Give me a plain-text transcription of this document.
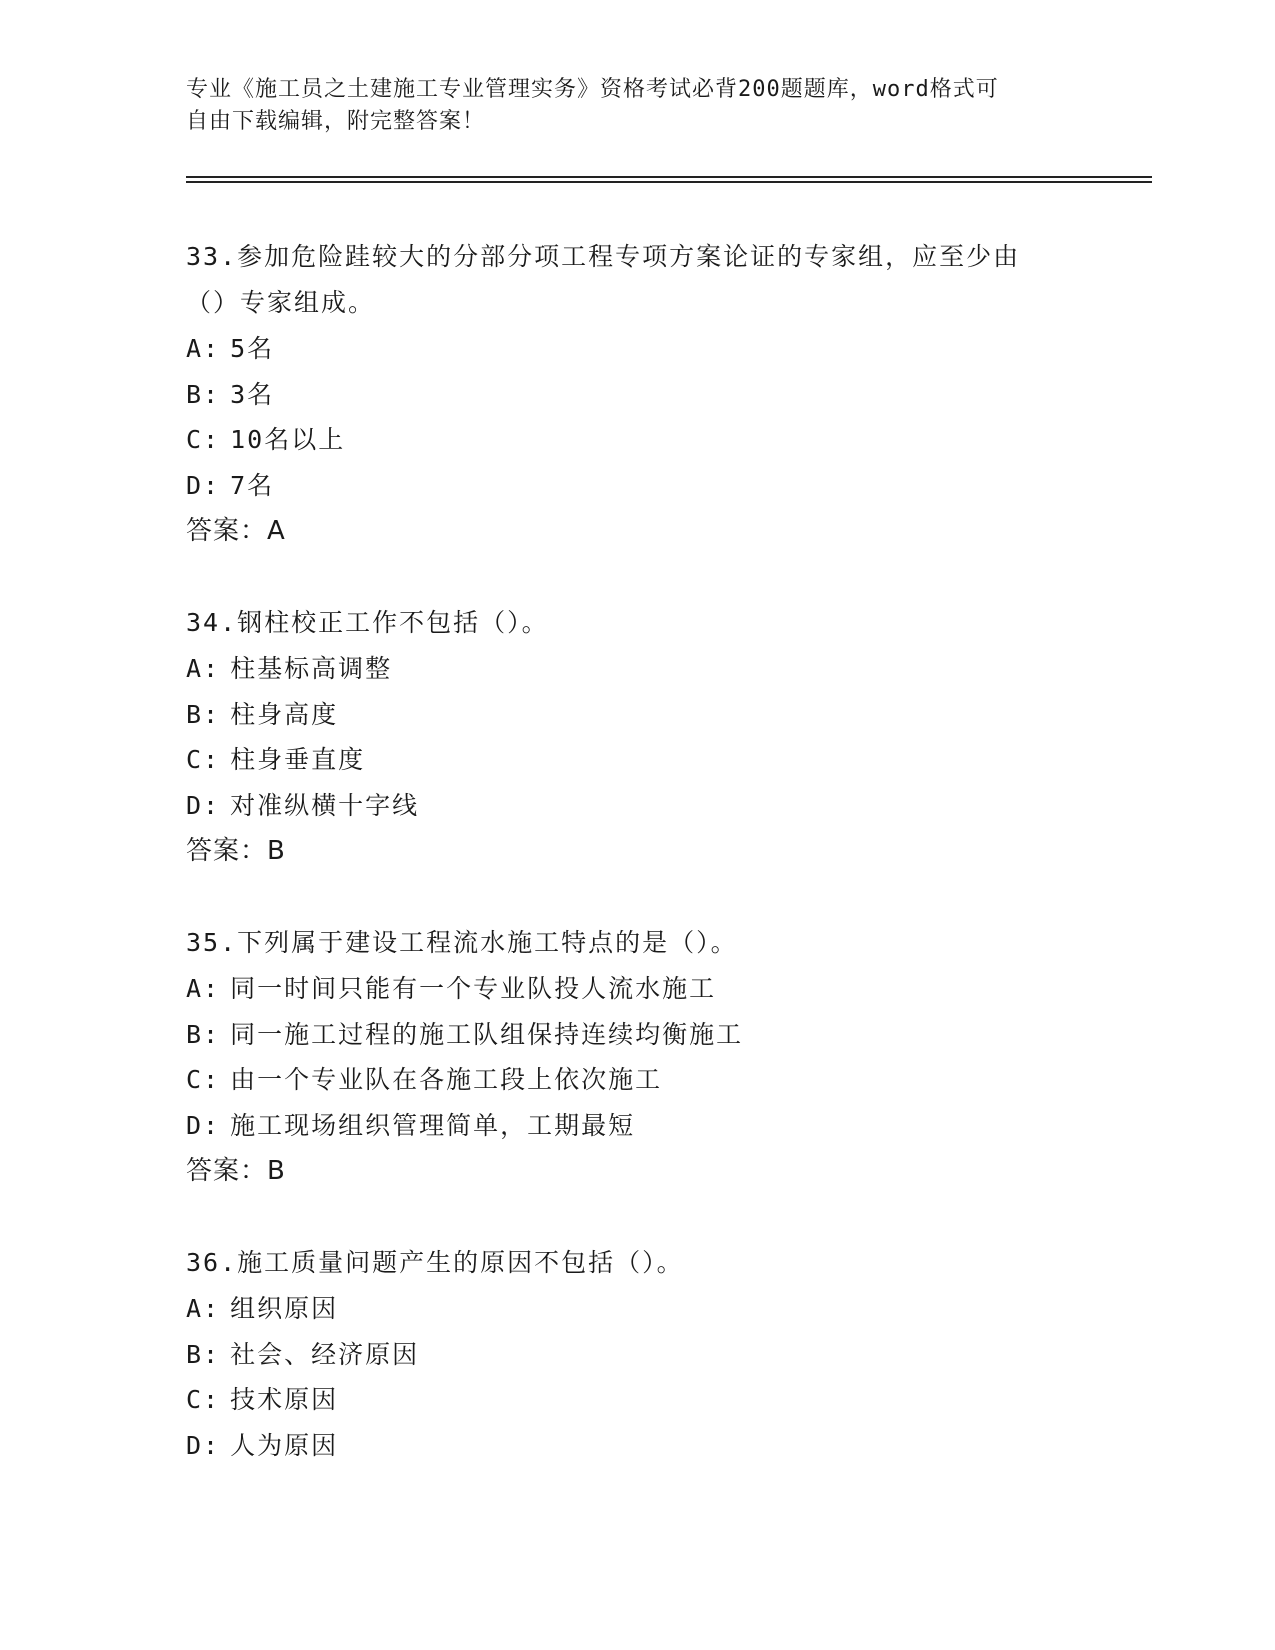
专业《施工员之土建施工专业管理实务》资格考试必背200题题库，word格式可
自由下载编辑，附完整答案！
33.参加危险跬较大的分部分项工程专项方案论证的专家组，应至少由
（）专家组成。
A: 5名
B: 3名
C: 10名以上
D: 7名
答案：A
34.钢柱校正工作不包括（）。
A: 柱基标高调整
B: 柱身高度
C: 柱身垂直度
D: 对准纵横十字线
答案：B
35.下列属于建设工程流水施工特点的是（）。
A: 同一时间只能有一个专业队投人流水施工
B: 同一施工过程的施工队组保持连续均衡施工
C: 由一个专业队在各施工段上依次施工
D: 施工现场组织管理简单，工期最短
答案：B
36.施工质量问题产生的原因不包括（）。
A: 组织原因
B: 社会、经济原因
C: 技术原因
D: 人为原因
